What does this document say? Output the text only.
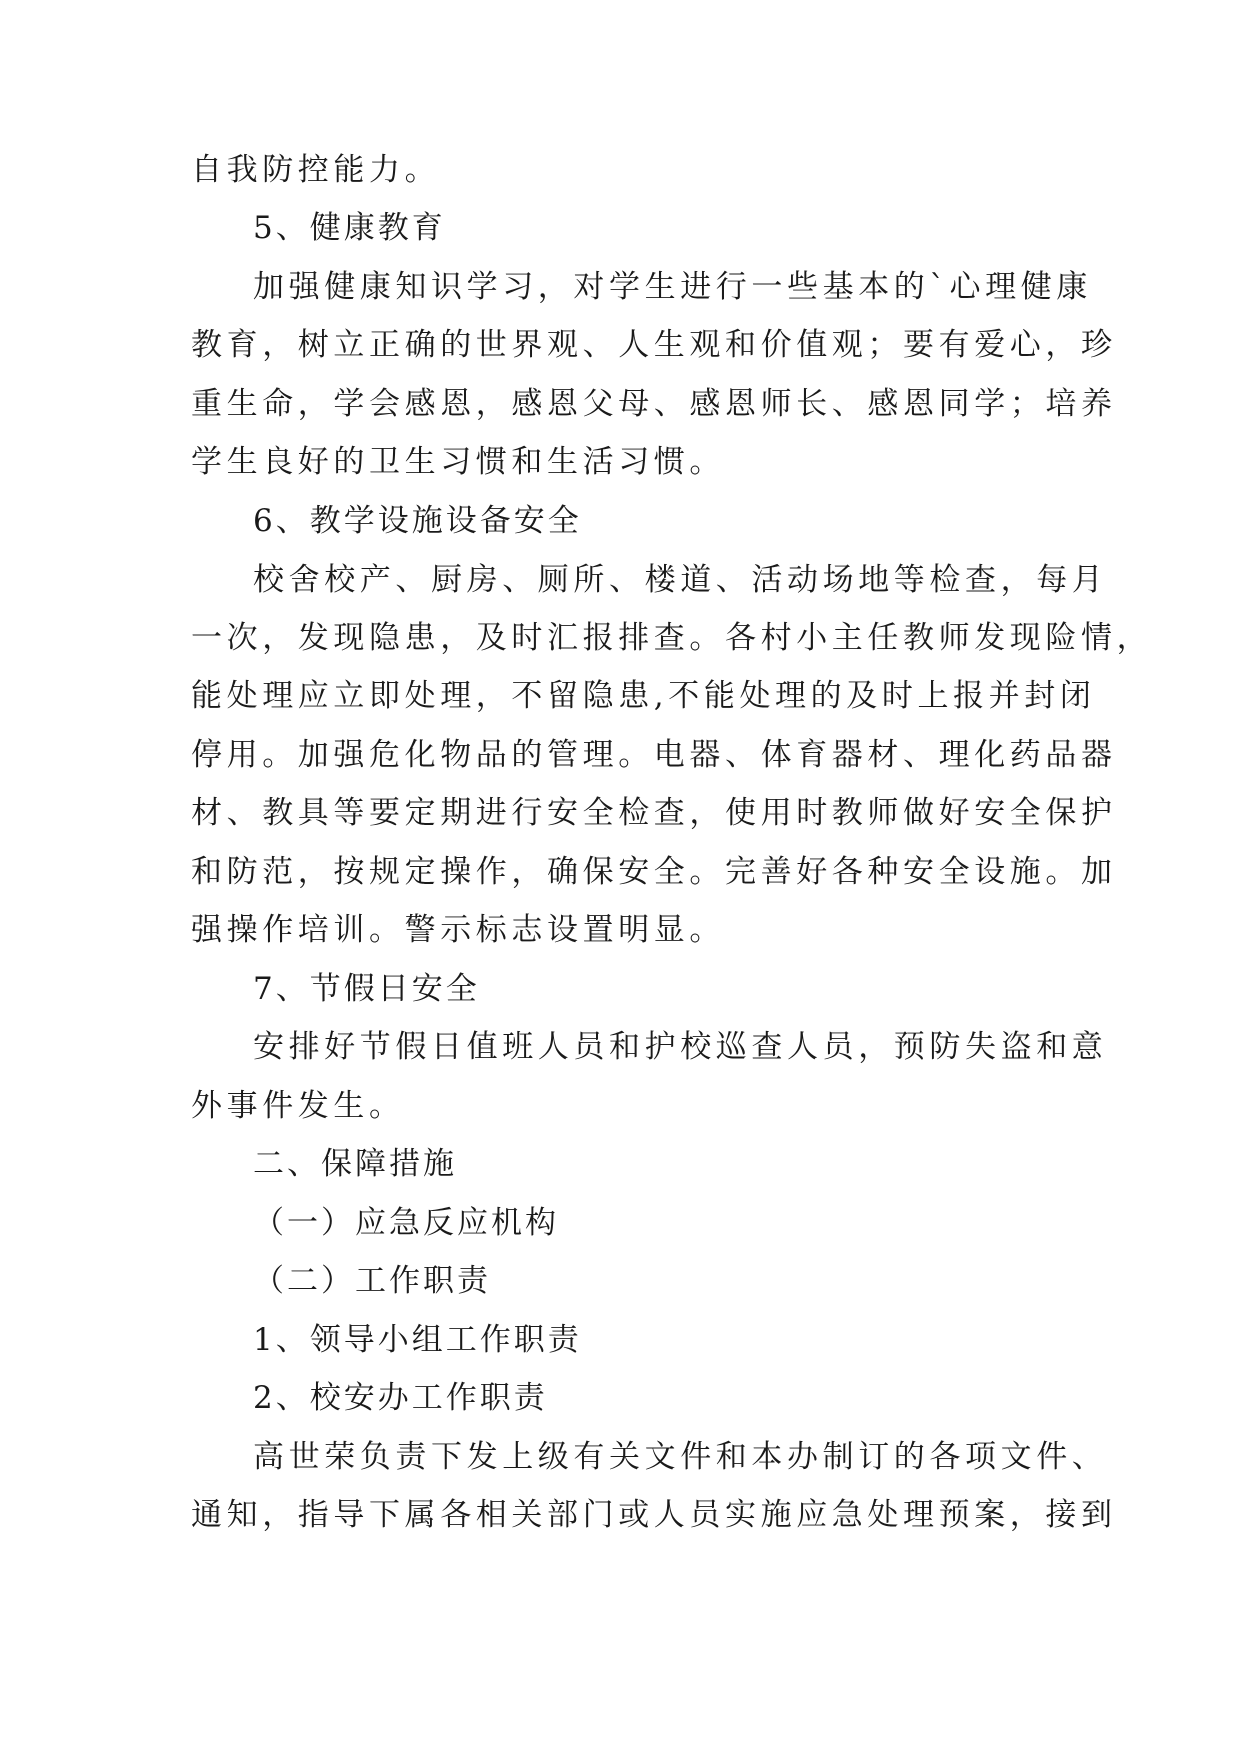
自我防控能力。
5、健康教育
加强健康知识学习，对学生进行一些基本的`心理健康
教育，树立正确的世界观、人生观和价值观；要有爱心，珍
重生命，学会感恩，感恩父母、感恩师长、感恩同学；培养
学生良好的卫生习惯和生活习惯。
6、教学设施设备安全
校舍校产、厨房、厕所、楼道、活动场地等检查，每月
一次，发现隐患，及时汇报排查。各村小主任教师发现险情，
能处理应立即处理，不留隐患,不能处理的及时上报并封闭
停用。加强危化物品的管理。电器、体育器材、理化药品器
材、教具等要定期进行安全检查，使用时教师做好安全保护
和防范，按规定操作，确保安全。完善好各种安全设施。加
强操作培训。警示标志设置明显。
7、节假日安全
安排好节假日值班人员和护校巡查人员，预防失盗和意
外事件发生。
二、保障措施
（一）应急反应机构
（二）工作职责
1、领导小组工作职责
2、校安办工作职责
高世荣负责下发上级有关文件和本办制订的各项文件、
通知，指导下属各相关部门或人员实施应急处理预案，接到
